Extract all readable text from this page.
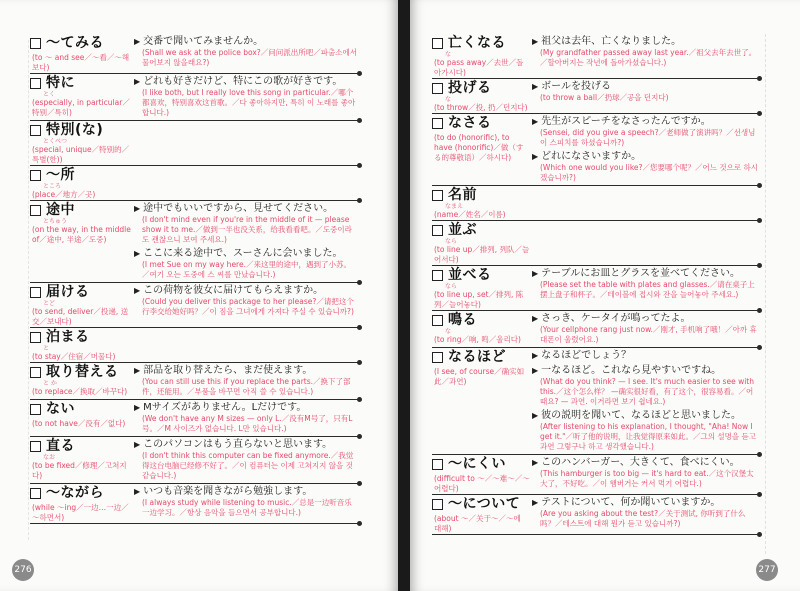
～てみる
(to ～ and see／～看／～해 보다)
▶ 交番で聞いてみませんか。
(Shall we ask at the police box?／问问派出所吧／파출소에서 물어보지 않을래요?)
特に
とく
(especially, in particular／特别／특히)
▶ どれも好きだけど、特にこの歌が好きです。
(I like both, but I really love this song in particular.／哪个都喜欢，特别喜欢这首歌。／다 좋아하지만, 특히 이 노래를 좋아합니다.)
特別(な)
とくべつ
(special, unique／特别的／특별(한))
～所
ところ
(place／地方／곳)
途中
とちゅう
(on the way, in the middle of／途中, 半途／도중)
▶ 途中でもいいですから、見せてください。
(I don't mind even if you're in the middle of it — please show it to me.／做到一半也没关系，给我看看吧。／도중이라도 괜찮으니 보여 주세요.)
▶ ここに来る途中で、スーさんに会いました。
(I met Sue on my way here.／来这里的途中，遇到了小苏。／여기 오는 도중에 스 씨를 만났습니다.)
届ける
とど
(to send, deliver／投递, 送交／보내다)
▶ この荷物を彼女に届けてもらえますか。
(Could you deliver this package to her please?／请把这个行李交给她好吗？／이 짐을 그녀에게 가져다 주실 수 있습니까?)
泊まる
と
(to stay／住宿／머물다)
取り替える
と か
(to replace／换取／바꾸다)
▶ 部品を取り替えたら、まだ使えます。
(You can still use this if you replace the parts.／换下了部件，还能用。／부품을 바꾸면 아직 쓸 수 있습니다.)
ない
(to not have／没有／없다)
▶ Mサイズがありません。Lだけです。
(We don't have any M sizes — only L.／没有M号了，只有L号。／M 사이즈가 없습니다. L만 있습니다.)
直る
なお
(to be fixed／修理／고쳐지다)
▶ このパソコンはもう直らないと思います。
(I don't think this computer can be fixed anymore.／我觉得这台电脑已经修不好了。／이 컴퓨터는 이제 고쳐지지 않을 것 같습니다.)
～ながら
(while ～ing／一边…一边／～하면서)
▶ いつも音楽を聞きながら勉強します。
(I always study while listening to music.／总是一边听音乐一边学习。／항상 음악을 들으면서 공부합니다.)
276
亡くなる
な
(to pass away／去世／돌아가시다)
▶ 祖父は去年、亡くなりました。
(My grandfather passed away last year.／祖父去年去世了。／할아버지는 작년에 돌아가셨습니다.)
投げる
な
(to throw／投, 扔／던지다)
▶ ボールを投げる
(to throw a ball／扔球／공을 던지다)
なさる
(to do (honorific), to have (honorific)／做（する的尊敬语）／하시다)
▶ 先生がスピーチをなさったんですか。
(Sensei, did you give a speech?／老师做了演讲吗？／선생님이 스피치를 하셨습니까?)
▶ どれになさいますか。
(Which one would you like?／您要哪个呢？／어느 것으로 하시겠습니까?)
名前
なまえ
(name／姓名／이름)
並ぶ
なら
(to line up／排列, 列队／늘어서다)
並べる
なら
(to line up, set／排列, 陈列／늘어놓다)
▶ テーブルにお皿とグラスを並べてください。
(Please set the table with plates and glasses.／请在桌子上摆上盘子和杯子。／테이블에 접시와 잔을 늘어놓아 주세요.)
鳴る
な
(to ring／响, 鸣／울리다)
▶ さっき、ケータイが鳴ってたよ。
(Your cellphone rang just now.／刚才, 手机响了哦！／아까 휴대폰이 울렸어요.)
なるほど
(I see, of course／确实如此／과연)
▶ なるほどでしょう？
▶ 一なるほど。これなら見やすいですね。
(What do you think? — I see. It's much easier to see with this.／这个怎么样？ —确实很好看，有了这个，很容易看。／어때요? — 과연. 이거라면 보기 쉽네요.)
▶ 彼の説明を聞いて、なるほどと思いました。
(After listening to his explanation, I thought, "Aha! Now I get it."／听了他的说明，让我觉得原来如此。／그의 설명을 듣고 과연 그렇구나 하고 생각했습니다.)
～にくい
(difficult to ～／～难～／～어렵다)
▶ このハンバーガー、大きくて、食べにくい。
(This hamburger is too big — it's hard to eat.／这个汉堡太大了，不好吃。／이 햄버거는 커서 먹기 어렵다.)
～について
(about ～／关于～／～에 대해)
▶ テストについて、何か聞いていますか。
(Are you asking about the test?／关于测试, 你听到了什么吗？／테스트에 대해 뭔가 듣고 있습니까?)
277
